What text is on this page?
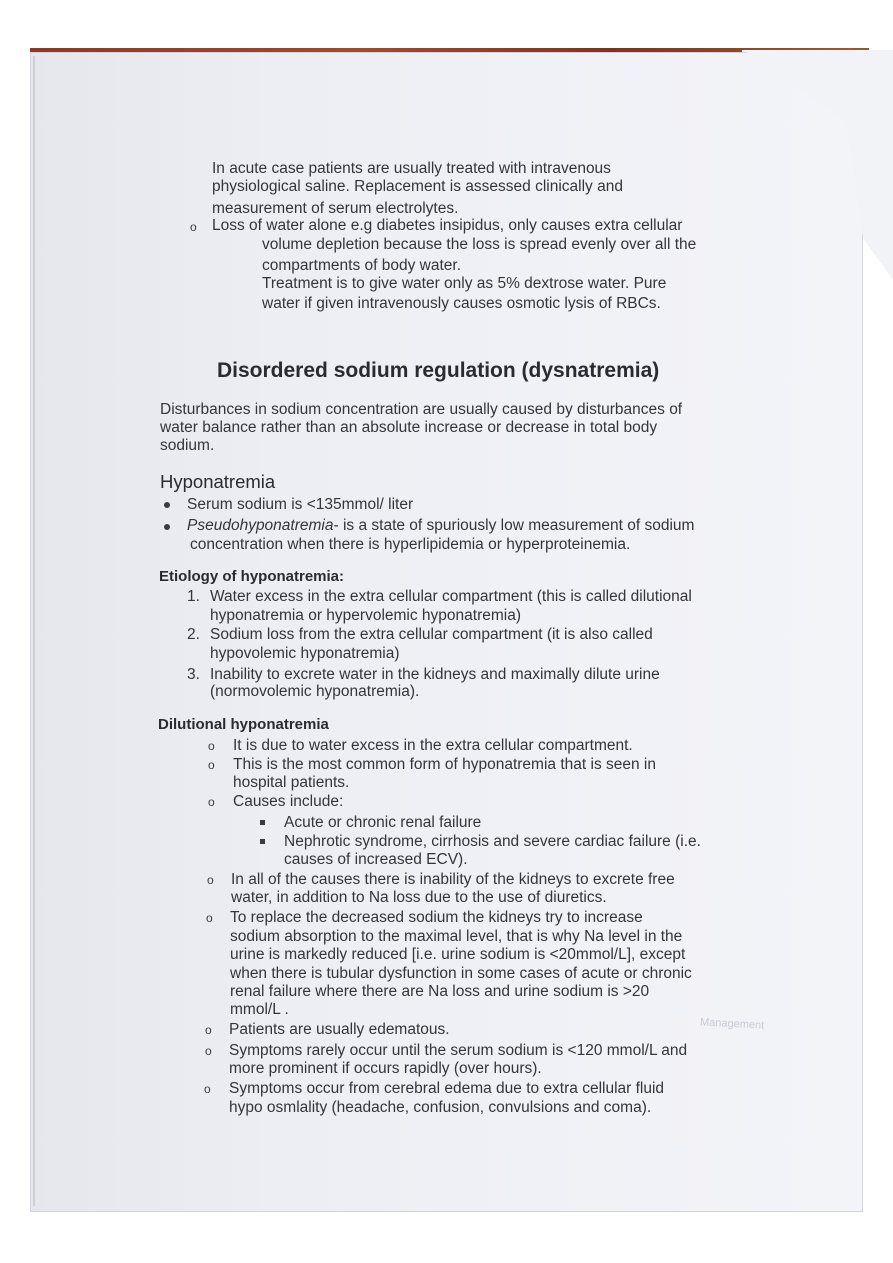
Management
In acute case patients are usually treated with intravenous
physiological saline. Replacement is assessed clinically and
measurement of serum electrolytes.
o Loss of water alone e.g diabetes insipidus, only causes extra cellular
volume depletion because the loss is spread evenly over all the
compartments of body water.
Treatment is to give water only as 5% dextrose water. Pure
water if given intravenously causes osmotic lysis of RBCs.
Disordered sodium regulation (dysnatremia)
Disturbances in sodium concentration are usually caused by disturbances of
water balance rather than an absolute increase or decrease in total body
sodium.
Hyponatremia
Serum sodium is <135mmol/ liter
Pseudohyponatremia- is a state of spuriously low measurement of sodium
concentration when there is hyperlipidemia or hyperproteinemia.
Etiology of hyponatremia:
1. Water excess in the extra cellular compartment (this is called dilutional
hyponatremia or hypervolemic hyponatremia)
2. Sodium loss from the extra cellular compartment (it is also called
hypovolemic hyponatremia)
3. Inability to excrete water in the kidneys and maximally dilute urine
(normovolemic hyponatremia).
Dilutional hyponatremia
o It is due to water excess in the extra cellular compartment.
o This is the most common form of hyponatremia that is seen in
hospital patients.
o Causes include:
Acute or chronic renal failure
Nephrotic syndrome, cirrhosis and severe cardiac failure (i.e.
causes of increased ECV).
o In all of the causes there is inability of the kidneys to excrete free
water, in addition to Na loss due to the use of diuretics.
o To replace the decreased sodium the kidneys try to increase
sodium absorption to the maximal level, that is why Na level in the
urine is markedly reduced [i.e. urine sodium is <20mmol/L], except
when there is tubular dysfunction in some cases of acute or chronic
renal failure where there are Na loss and urine sodium is >20
mmol/L .
o Patients are usually edematous.
o Symptoms rarely occur until the serum sodium is <120 mmol/L and
more prominent if occurs rapidly (over hours).
o Symptoms occur from cerebral edema due to extra cellular fluid
hypo osmlality (headache, confusion, convulsions and coma).
